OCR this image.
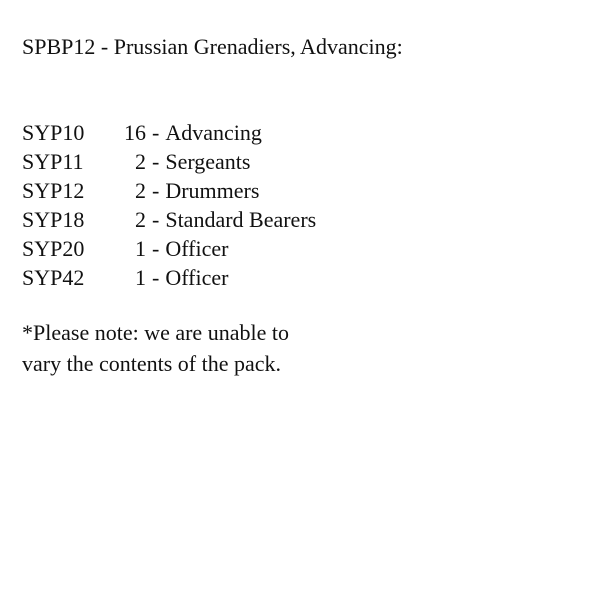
SPBP12 - Prussian Grenadiers, Advancing:
SYP10	16 - Advancing
SYP11	2 - Sergeants
SYP12	2 - Drummers
SYP18	2 - Standard Bearers
SYP20	1 - Officer
SYP42	1 - Officer
*Please note: we are unable to
vary the contents of the pack.
